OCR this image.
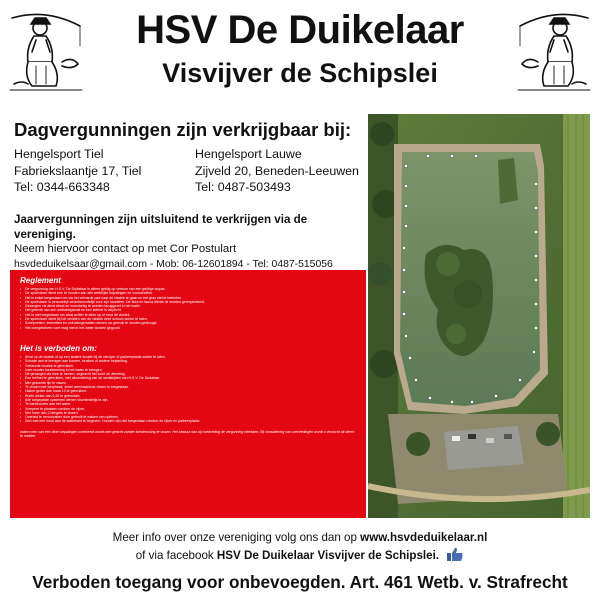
HSV De Duikelaar
Visvijver de Schipslei
Dagvergunningen zijn verkrijgbaar bij:
Hengelsport Tiel
Fabriekslaantje 17, Tiel
Tel: 0344-663348
Hengelsport Lauwe
Zijveld 20, Beneden-Leeuwen
Tel: 0487-503493
Jaarvergunningen zijn uitsluitend te verkrijgen via de vereniging.
Neem hiervoor contact op met Cor Postulart
hsvdeduikelsaar@gmail.com - Mob: 06-12601894 - Tel: 0487-515056
Reglement
• De vergunning van H.S.V. De Duikelaar is alleen geldig op vertoon van een geldige vispas.
• De sportvisser dient zich te houden aan alle wettelijke bepalingen en voorschriften.
• Het is enkel toegestaan om via het verharde pad naar de visstek te gaan en het gras niet te betreden.
• De sportvisser is persoonlijk verantwoordelijk voor zijn handelen. De flora en fauna dienen te worden gerespecteerd.
• Gevangen vis dient direct en voorzichtig te worden teruggezet in het water.
• Het gebruik van een onthakingsmat en een leefnet is verplicht.
• Het is niet toegestaan om afval achter te laten op of rond de visstek.
• De sportvisser dient bij het verlaten van de visstek deze schoon achter te laten.
• Schepnetten, leefnetten en onthakingsmatten dienen na gebruik te worden gedroogd.
• Het overgebleven voer mag niet in het water worden gegooid.
Het is verboden om:
• Afval op de visstek of op een andere locatie bij de visvijver of parkeerplaats achter te laten.
• Schade aan te brengen aan bomen, struiken of andere beplanting.
• Gebeurde muziek te gebruiken.
• Voer zonder toestemming in het water te brengen.
• De gevangen vis mee te nemen, ongeacht het soort en afmeting.
• Een leefnet te gebruiken, met uitzondering van de wedstrijden van H.S.V. De Duikelaar.
• Met gekochte lijn te vissen.
• Te vissen met werphaak, enkel weerhaakloos vissen is toegestaan.
• Haken groter dan maat 10 te gebruiken.
• Ruten dikker dan 0,25 te gebruiken.
• Alle toegepaste systemen dienen visvriendelijk te zijn.
• Te barbecueën aan het water.
• Voerpeer te plaatsen rondom de vijver.
• Met meer dan 2 hengels te vissen.
• Overlast te veroorzaken door gebruik te maken van opbinnx.
• Zich met een hond aan de waterkant te begeven. Honden zijn niet toegestaan rondom de vijver en parkeerplaats.
Indien men van één deze bepalingen overtreedt wordt men geacht zonder toestemming te vissen. Het bestuur kan bij overtreding de vergunning intrekken. Bij constatering van overtredingen wordt u verzocht dit direct te melden.
Meer info over onze vereniging volg ons dan op www.hsvdeduikelaar.nl
of via facebook HSV De Duikelaar Visvijver de Schipslei.
Verboden toegang voor onbevoegden. Art. 461 Wetb. v. Strafrecht
